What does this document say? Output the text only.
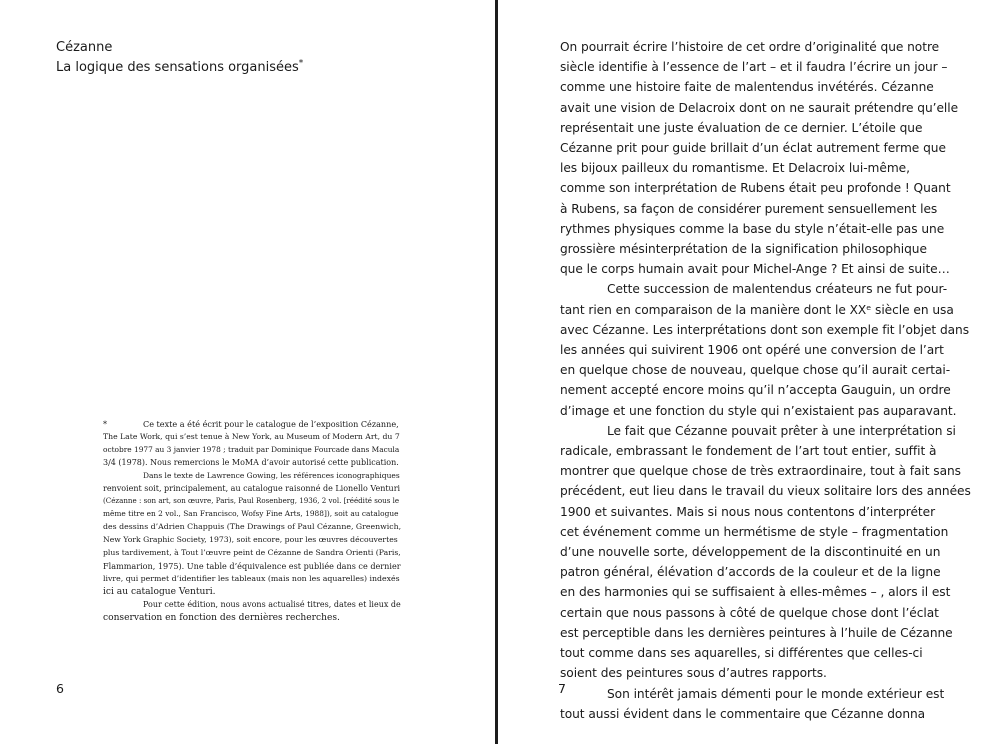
Cézanne
La logique des sensations organisées*
*	Ce texte a été écrit pour le catalogue de l’exposition Cézanne,
The Late Work, qui s’est tenue à New York, au Museum of Modern Art, du 7
octobre 1977 au 3 janvier 1978 ; traduit par Dominique Fourcade dans Macula
3/4 (1978). Nous remercions le MoMA d’avoir autorisé cette publication.
Dans le texte de Lawrence Gowing, les références iconographiques
renvoient soit, principalement, au catalogue raisonné de Lionello Venturi
(Cézanne : son art, son œuvre, Paris, Paul Rosenberg, 1936, 2 vol. [réédité sous le
même titre en 2 vol., San Francisco, Wofsy Fine Arts, 1988]), soit au catalogue
des dessins d’Adrien Chappuis (The Drawings of Paul Cézanne, Greenwich,
New York Graphic Society, 1973), soit encore, pour les œuvres découvertes
plus tardivement, à Tout l’œuvre peint de Cézanne de Sandra Orienti (Paris,
Flammarion, 1975). Une table d’équivalence est publiée dans ce dernier
livre, qui permet d’identifier les tableaux (mais non les aquarelles) indexés
ici au catalogue Venturi.
Pour cette édition, nous avons actualisé titres, dates et lieux de
conservation en fonction des dernières recherches.
6
On pourrait écrire l’histoire de cet ordre d’originalité que notre
siècle identifie à l’essence de l’art – et il faudra l’écrire un jour –
comme une histoire faite de malentendus invétérés. Cézanne
avait une vision de Delacroix dont on ne saurait prétendre qu’elle
représentait une juste évaluation de ce dernier. L’étoile que
Cézanne prit pour guide brillait d’un éclat autrement ferme que
les bijoux pailleux du romantisme. Et Delacroix lui-même,
comme son interprétation de Rubens était peu profonde ! Quant
à Rubens, sa façon de considérer purement sensuellement les
rythmes physiques comme la base du style n’était-elle pas une
grossière mésinterprétation de la signification philosophique
que le corps humain avait pour Michel-Ange ? Et ainsi de suite…
Cette succession de malentendus créateurs ne fut pour-
tant rien en comparaison de la manière dont le XXᵉ siècle en usa
avec Cézanne. Les interprétations dont son exemple fit l’objet dans
les années qui suivirent 1906 ont opéré une conversion de l’art
en quelque chose de nouveau, quelque chose qu’il aurait certai-
nement accepté encore moins qu’il n’accepta Gauguin, un ordre
d’image et une fonction du style qui n’existaient pas auparavant.
Le fait que Cézanne pouvait prêter à une interprétation si
radicale, embrassant le fondement de l’art tout entier, suffit à
montrer que quelque chose de très extraordinaire, tout à fait sans
précédent, eut lieu dans le travail du vieux solitaire lors des années
1900 et suivantes. Mais si nous nous contentons d’interpréter
cet événement comme un hermétisme de style – fragmentation
d’une nouvelle sorte, développement de la discontinuité en un
patron général, élévation d’accords de la couleur et de la ligne
en des harmonies qui se suffisaient à elles-mêmes – , alors il est
certain que nous passons à côté de quelque chose dont l’éclat
est perceptible dans les dernières peintures à l’huile de Cézanne
tout comme dans ses aquarelles, si différentes que celles-ci
soient des peintures sous d’autres rapports.
Son intérêt jamais démenti pour le monde extérieur est
tout aussi évident dans le commentaire que Cézanne donna
7
